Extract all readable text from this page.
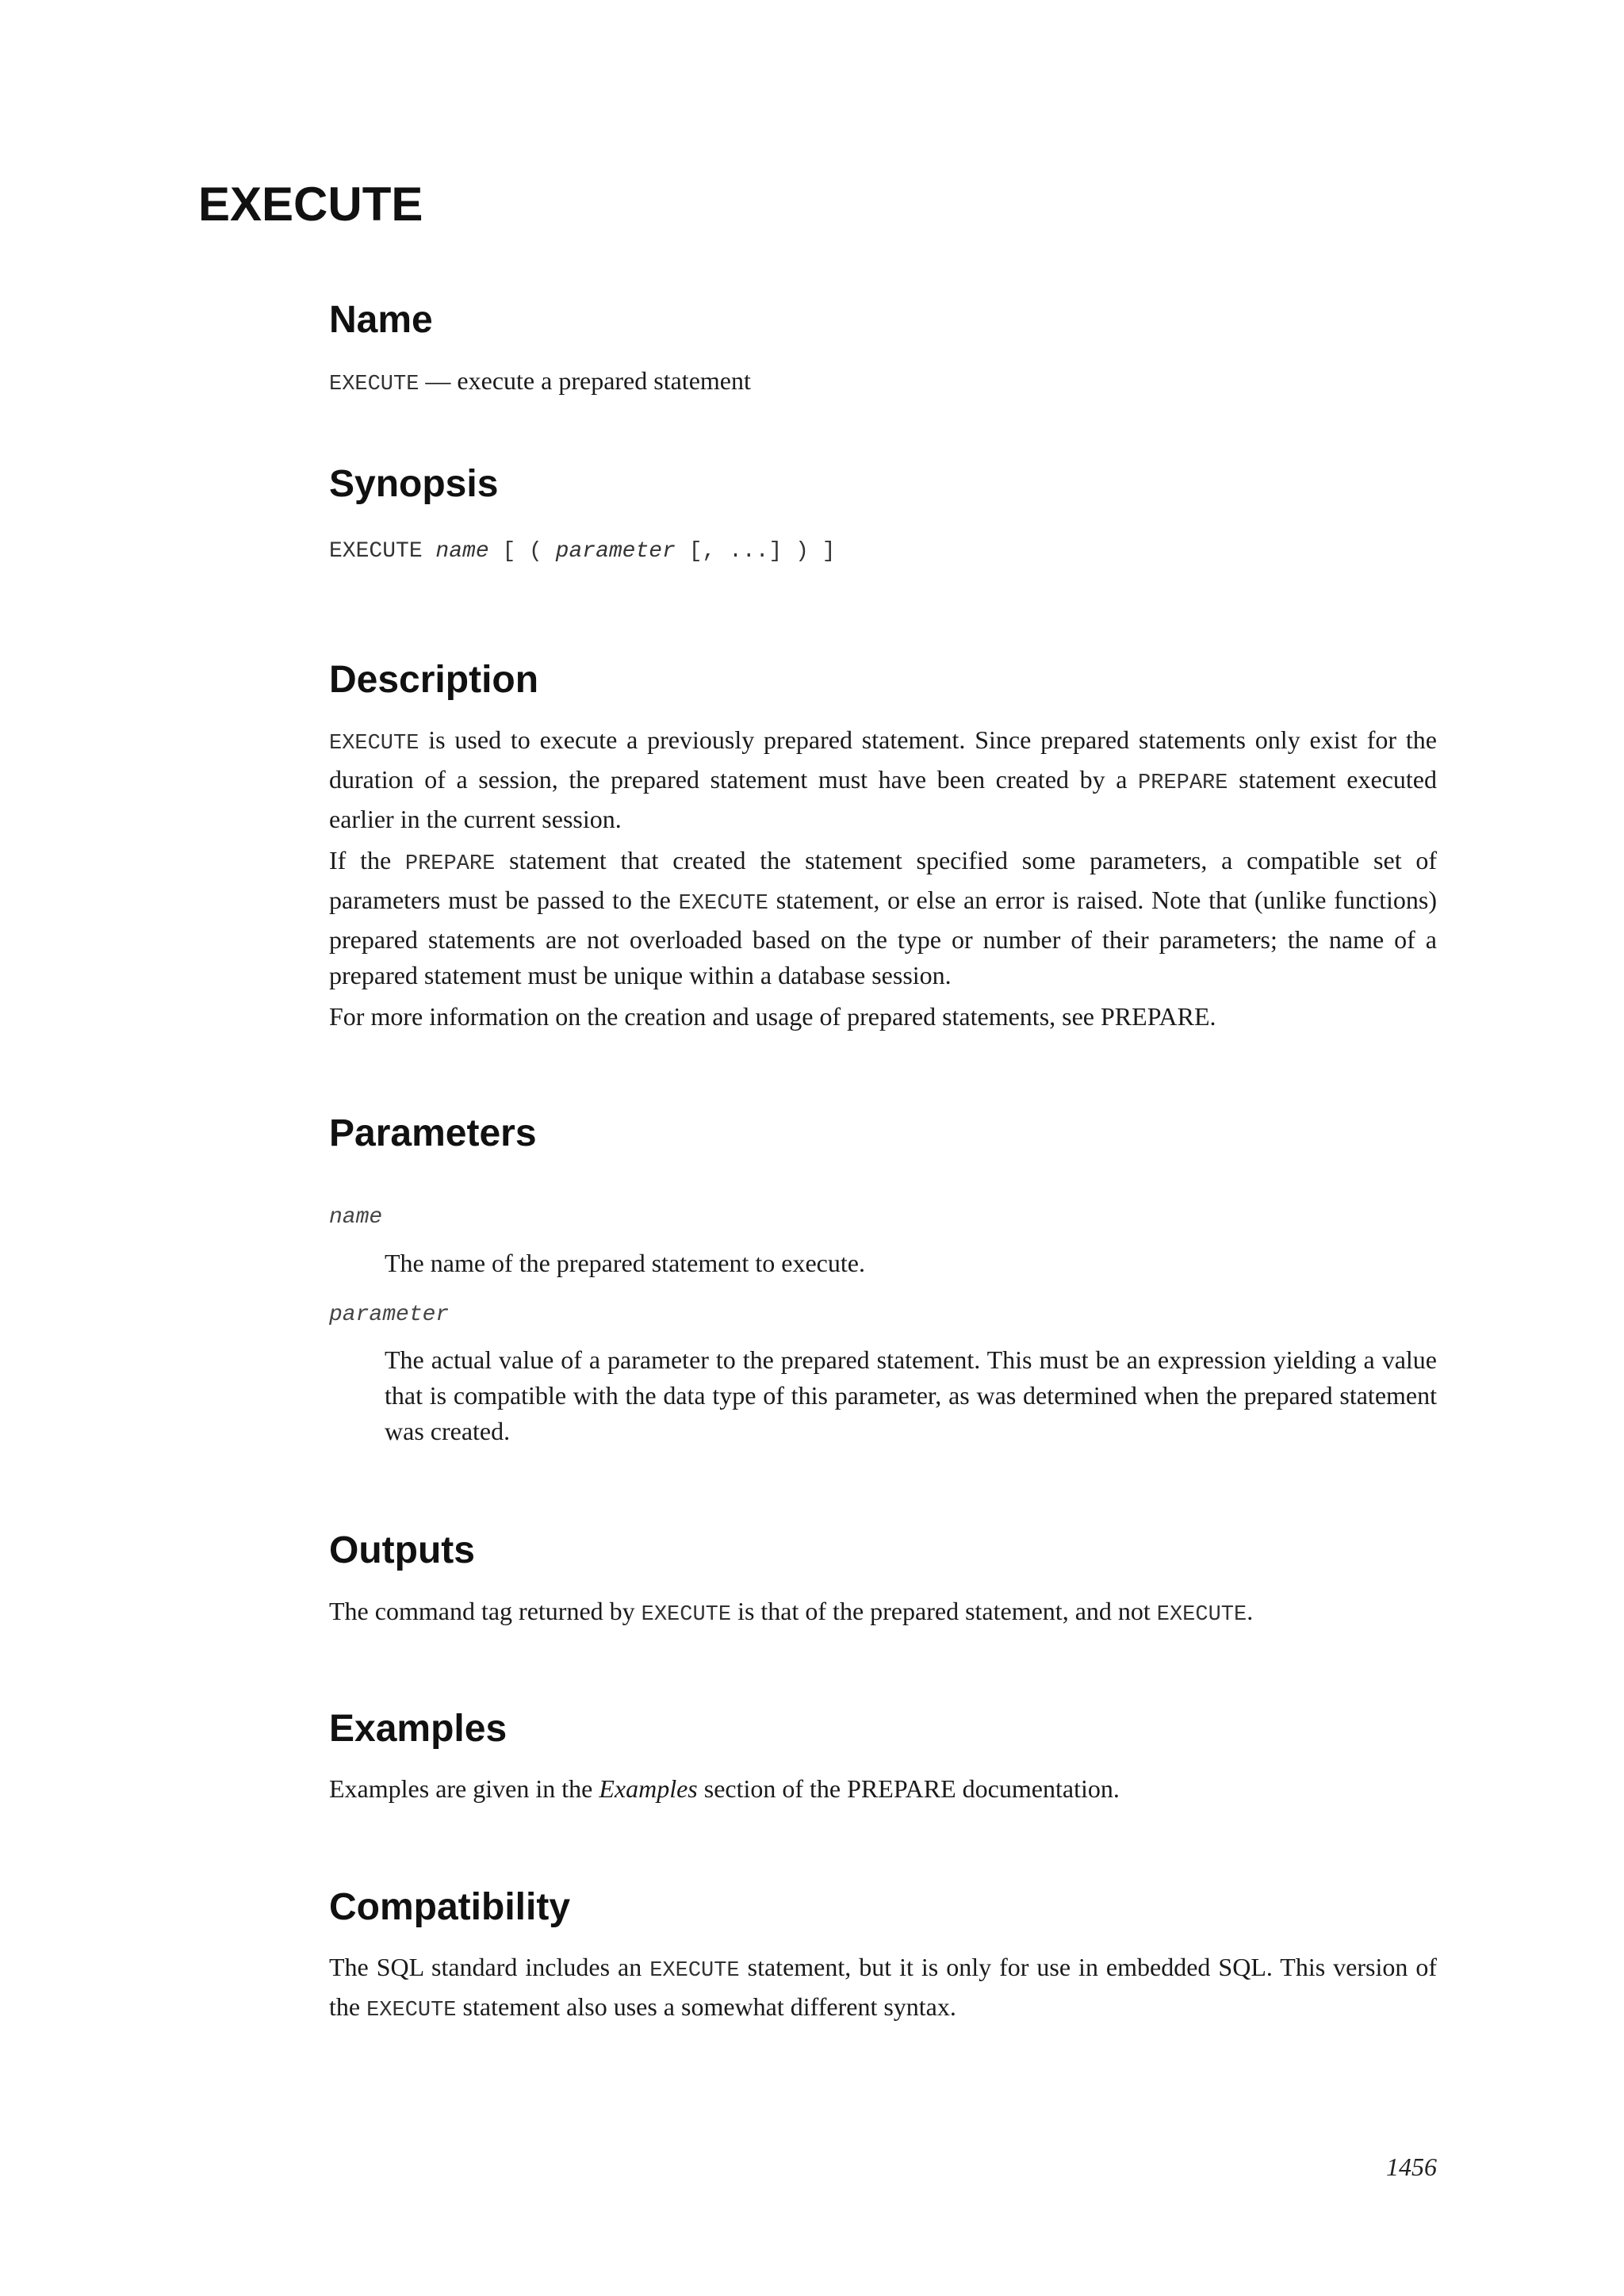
EXECUTE
Name

EXECUTE — execute a prepared statement

Synopsis

EXECUTE name [ ( parameter [, ...] ) ]

Description

EXECUTE is used to execute a previously prepared statement. Since prepared statements only exist for the duration of a session, the prepared statement must have been created by a PREPARE statement executed earlier in the current session.

If the PREPARE statement that created the statement specified some parameters, a compatible set of parameters must be passed to the EXECUTE statement, or else an error is raised. Note that (unlike functions) prepared statements are not overloaded based on the type or number of their parameters; the name of a prepared statement must be unique within a database session.

For more information on the creation and usage of prepared statements, see PREPARE.

Parameters

name

The name of the prepared statement to execute.

parameter

The actual value of a parameter to the prepared statement. This must be an expression yielding a value that is compatible with the data type of this parameter, as was determined when the prepared statement was created.

Outputs

The command tag returned by EXECUTE is that of the prepared statement, and not EXECUTE.

Examples

Examples are given in the Examples section of the PREPARE documentation.

Compatibility

The SQL standard includes an EXECUTE statement, but it is only for use in embedded SQL. This version of the EXECUTE statement also uses a somewhat different syntax.

1456
